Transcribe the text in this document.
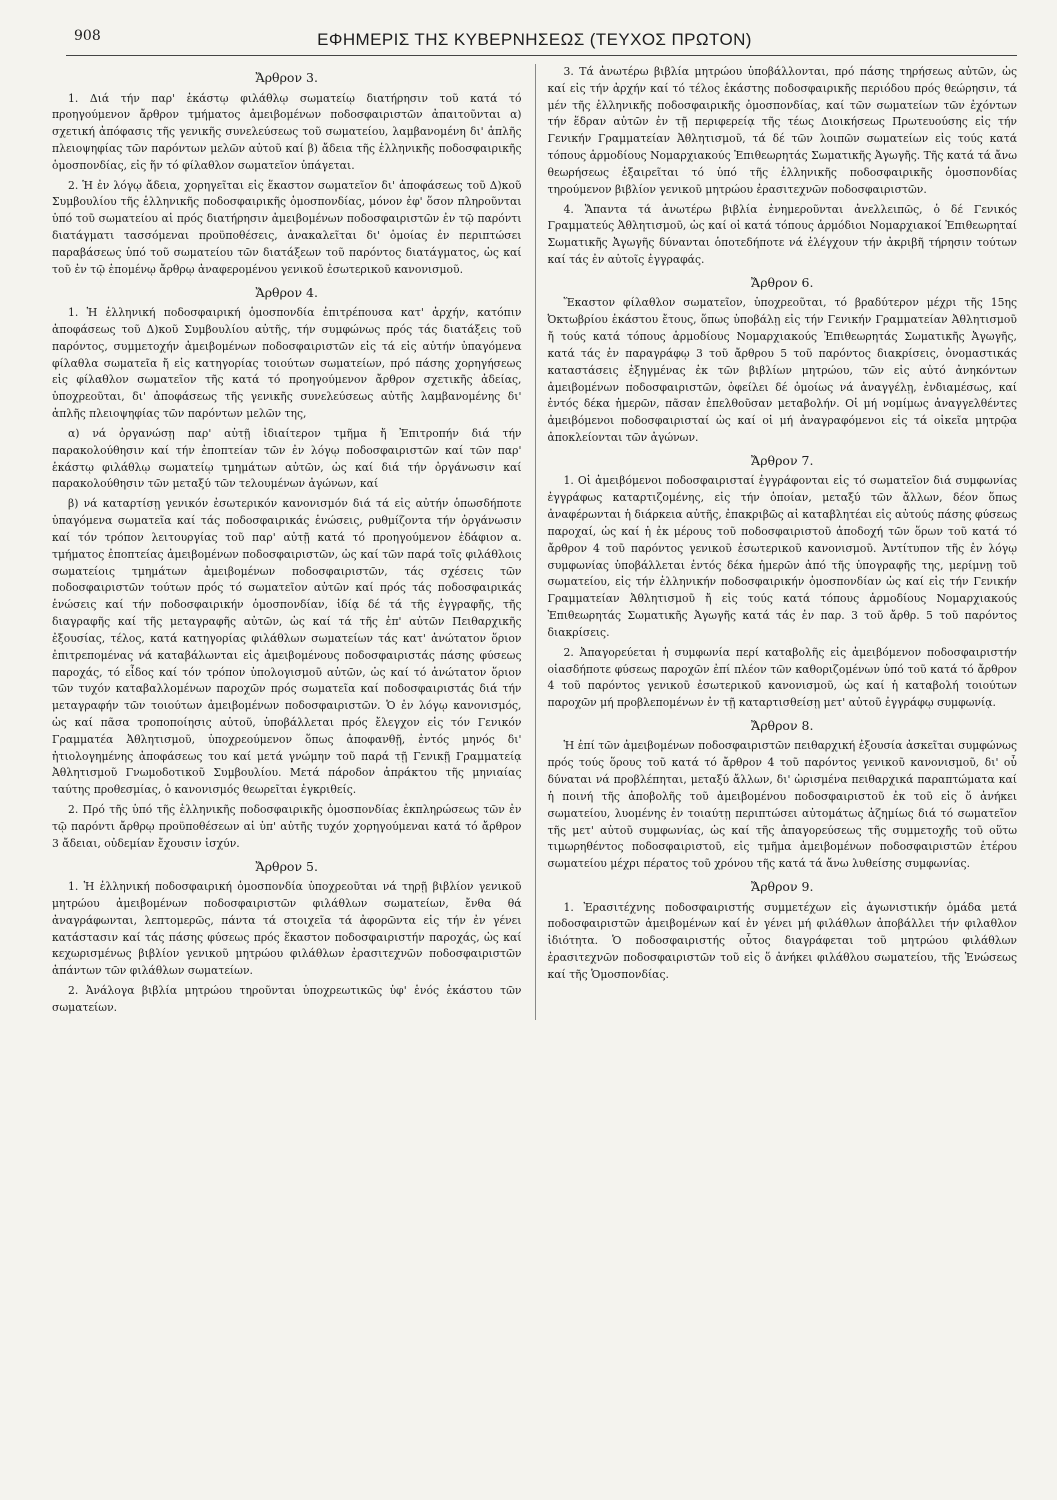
908	ΕΦΗΜΕΡΙΣ ΤΗΣ ΚΥΒΕΡΝΗΣΕΩΣ (ΤΕΥΧΟΣ ΠΡΩΤΟΝ)
Ἄρθρον 3.

1. Διά τήν παρ' ἑκάστῳ φιλάθλῳ σωματείῳ διατήρησιν τοῦ κατά τό προηγούμενον ἄρθρον τμήματος ἀμειβομένων ποδοσφαιριστῶν ἀπαιτοῦνται α) σχετική ἀπόφασις τῆς γενικῆς συνελεύσεως τοῦ σωματείου, λαμβανομένη δι' ἁπλῆς πλειοψηφίας τῶν παρόντων μελῶν αὐτοῦ καί β) ἄδεια τῆς ἑλληνικῆς ποδοσφαιρικῆς ὁμοσπονδίας, εἰς ἥν τό φίλαθλον σωματεῖον ὑπάγεται.

2. Ἡ ἐν λόγῳ ἄδεια, χορηγεῖται εἰς ἕκαστον σωματεῖον δι' ἀποφάσεως τοῦ Δ)κοῦ Συμβουλίου τῆς ἑλληνικῆς ποδοσφαιρικῆς ὁμοσπονδίας, μόνον ἐφ' ὅσον πληροῦνται ὑπό τοῦ σωματείου αἱ πρός διατήρησιν ἀμειβομένων ποδοσφαιριστῶν ἐν τῷ παρόντι διατάγματι τασσόμεναι προϋποθέσεις, ἀνακαλεῖται δι' ὁμοίας ἐν περιπτώσει παραβάσεως ὑπό τοῦ σωματείου τῶν διατάξεων τοῦ παρόντος διατάγματος, ὡς καί τοῦ ἐν τῷ ἑπομένῳ ἄρθρῳ ἀναφερομένου γενικοῦ ἐσωτερικοῦ κανονισμοῦ.

Ἄρθρον 4.

1. Ἡ ἑλληνική ποδοσφαιρική ὁμοσπονδία ἐπιτρέπουσα κατ' ἀρχήν, κατόπιν ἀποφάσεως τοῦ Δ)κοῦ Συμβουλίου αὐτῆς, τήν συμφώνως πρός τάς διατάξεις τοῦ παρόντος, συμμετοχήν ἀμειβομένων ποδοσφαιριστῶν εἰς τά εἰς αὐτήν ὑπαγόμενα φίλαθλα σωματεῖα ἤ εἰς κατηγορίας τοιούτων σωματείων, πρό πάσης χορηγήσεως εἰς φίλαθλον σωματεῖον τῆς κατά τό προηγούμενον ἄρθρον σχετικῆς ἀδείας, ὑποχρεοῦται, δι' ἀποφάσεως τῆς γενικῆς συνελεύσεως αὐτῆς λαμβανομένης δι' ἁπλῆς πλειοψηφίας τῶν παρόντων μελῶν της,

α) νά ὀργανώσῃ παρ' αὐτῇ ἰδιαίτερον τμῆμα ἤ Ἐπιτροπήν διά τήν παρακολούθησιν καί τήν ἐποπτείαν τῶν ἐν λόγῳ ποδοσφαιριστῶν καί τῶν παρ' ἑκάστῳ φιλάθλῳ σωματείῳ τμημάτων αὐτῶν, ὡς καί διά τήν ὀργάνωσιν καί παρακολούθησιν τῶν μεταξύ τῶν τελουμένων ἀγώνων, καί

β) νά καταρτίσῃ γενικόν ἐσωτερικόν κανονισμόν διά τά εἰς αὐτήν ὁπωσδήποτε ὑπαγόμενα σωματεῖα καί τάς ποδοσφαιρικάς ἑνώσεις, ρυθμίζοντα τήν ὀργάνωσιν καί τόν τρόπον λειτουργίας τοῦ παρ' αὐτῇ κατά τό προηγούμενον ἐδάφιον α. τμήματος ἐποπτείας ἀμειβομένων ποδοσφαιριστῶν, ὡς καί τῶν παρά τοῖς φιλάθλοις σωματείοις τμημάτων ἀμειβομένων ποδοσφαιριστῶν, τάς σχέσεις τῶν ποδοσφαιριστῶν τούτων πρός τό σωματεῖον αὐτῶν καί πρός τάς ποδοσφαιρικάς ἑνώσεις καί τήν ποδοσφαιρικήν ὁμοσπονδίαν, ἰδίᾳ δέ τά τῆς ἐγγραφῆς, τῆς διαγραφῆς καί τῆς μεταγραφῆς αὐτῶν, ὡς καί τά τῆς ἐπ' αὐτῶν Πειθαρχικῆς ἐξουσίας, τέλος, κατά κατηγορίας φιλάθλων σωματείων τάς κατ' ἀνώτατον ὅριον ἐπιτρεπομένας νά καταβάλωνται εἰς ἀμειβομένους ποδοσφαιριστάς πάσης φύσεως παροχάς, τό εἶδος καί τόν τρόπον ὑπολογισμοῦ αὐτῶν, ὡς καί τό ἀνώτατον ὅριον τῶν τυχόν καταβαλλομένων παροχῶν πρός σωματεῖα καί ποδοσφαιριστάς διά τήν μεταγραφήν τῶν τοιούτων ἀμειβομένων ποδοσφαιριστῶν. Ὁ ἐν λόγῳ κανονισμός, ὡς καί πᾶσα τροποποίησις αὐτοῦ, ὑποβάλλεται πρός ἔλεγχον εἰς τόν Γενικόν Γραμματέα Ἀθλητισμοῦ, ὑποχρεούμενον ὅπως ἀποφανθῇ, ἐντός μηνός δι' ἠτιολογημένης ἀποφάσεως του καί μετά γνώμην τοῦ παρά τῇ Γενικῇ Γραμματείᾳ Ἀθλητισμοῦ Γνωμοδοτικοῦ Συμβουλίου. Μετά πάροδον ἀπράκτου τῆς μηνιαίας ταύτης προθεσμίας, ὁ κανονισμός θεωρεῖται ἐγκριθείς.

2. Πρό τῆς ὑπό τῆς ἑλληνικῆς ποδοσφαιρικῆς ὁμοσπονδίας ἐκπληρώσεως τῶν ἐν τῷ παρόντι ἄρθρῳ προϋποθέσεων αἱ ὑπ' αὐτῆς τυχόν χορηγούμεναι κατά τό ἄρθρον 3 ἄδειαι, οὐδεμίαν ἔχουσιν ἰσχύν.

Ἄρθρον 5.

1. Ἡ ἑλληνική ποδοσφαιρική ὁμοσπονδία ὑποχρεοῦται νά τηρῇ βιβλίον γενικοῦ μητρώου ἀμειβομένων ποδοσφαιριστῶν φιλάθλων σωματείων, ἔνθα θά ἀναγράφωνται, λεπτομερῶς, πάντα τά στοιχεῖα τά ἀφορῶντα εἰς τήν ἐν γένει κατάστασιν καί τάς πάσης φύσεως πρός ἕκαστον ποδοσφαιριστήν παροχάς, ὡς καί κεχωρισμένως βιβλίον γενικοῦ μητρώου φιλάθλων ἐρασιτεχνῶν ποδοσφαιριστῶν ἁπάντων τῶν φιλάθλων σωματείων.

2. Ἀνάλογα βιβλία μητρώου τηροῦνται ὑποχρεωτικῶς ὑφ' ἑνός ἑκάστου τῶν σωματείων.

3. Τά ἀνωτέρω βιβλία μητρώου ὑποβάλλονται, πρό πάσης τηρήσεως αὐτῶν, ὡς καί εἰς τήν ἀρχήν καί τό τέλος ἑκάστης ποδοσφαιρικῆς περιόδου πρός θεώρησιν, τά μέν τῆς ἑλληνικῆς ποδοσφαιρικῆς ὁμοσπονδίας, καί τῶν σωματείων τῶν ἐχόντων τήν ἕδραν αὐτῶν ἐν τῇ περιφερείᾳ τῆς τέως Διοικήσεως Πρωτευούσης εἰς τήν Γενικήν Γραμματείαν Ἀθλητισμοῦ, τά δέ τῶν λοιπῶν σωματείων εἰς τούς κατά τόπους ἁρμοδίους Νομαρχιακούς Ἐπιθεωρητάς Σωματικῆς Ἀγωγῆς. Τῆς κατά τά ἄνω θεωρήσεως ἐξαιρεῖται τό ὑπό τῆς ἑλληνικῆς ποδοσφαιρικῆς ὁμοσπονδίας τηρούμενον βιβλίον γενικοῦ μητρώου ἐρασιτεχνῶν ποδοσφαιριστῶν.

4. Ἅπαντα τά ἀνωτέρω βιβλία ἐνημεροῦνται ἀνελλειπῶς, ὁ δέ Γενικός Γραμματεύς Ἀθλητισμοῦ, ὡς καί οἱ κατά τόπους ἁρμόδιοι Νομαρχιακοί Ἐπιθεωρηταί Σωματικῆς Ἀγωγῆς δύνανται ὁποτεδήποτε νά ἐλέγχουν τήν ἀκριβῆ τήρησιν τούτων καί τάς ἐν αὐτοῖς ἐγγραφάς.

Ἄρθρον 6.

Ἕκαστον φίλαθλον σωματεῖον, ὑποχρεοῦται, τό βραδύτερον μέχρι τῆς 15ης Ὀκτωβρίου ἑκάστου ἔτους, ὅπως ὑποβάλῃ εἰς τήν Γενικήν Γραμματείαν Ἀθλητισμοῦ ἤ τούς κατά τόπους ἁρμοδίους Νομαρχιακούς Ἐπιθεωρητάς Σωματικῆς Ἀγωγῆς, κατά τάς ἐν παραγράφῳ 3 τοῦ ἄρθρου 5 τοῦ παρόντος διακρίσεις, ὀνομαστικάς καταστάσεις ἐξηγμένας ἐκ τῶν βιβλίων μητρώου, τῶν εἰς αὐτό ἀνηκόντων ἀμειβομένων ποδοσφαιριστῶν, ὀφείλει δέ ὁμοίως νά ἀναγγέλῃ, ἐνδιαμέσως, καί ἐντός δέκα ἡμερῶν, πᾶσαν ἐπελθοῦσαν μεταβολήν. Οἱ μή νομίμως ἀναγγελθέντες ἀμειβόμενοι ποδοσφαιρισταί ὡς καί οἱ μή ἀναγραφόμενοι εἰς τά οἰκεῖα μητρῷα ἀποκλείονται τῶν ἀγώνων.

Ἄρθρον 7.

1. Οἱ ἀμειβόμενοι ποδοσφαιρισταί ἐγγράφονται εἰς τό σωματεῖον διά συμφωνίας ἐγγράφως καταρτιζομένης, εἰς τήν ὁποίαν, μεταξύ τῶν ἄλλων, δέον ὅπως ἀναφέρωνται ἡ διάρκεια αὐτῆς, ἐπακριβῶς αἱ καταβλητέαι εἰς αὐτούς πάσης φύσεως παροχαί, ὡς καί ἡ ἐκ μέρους τοῦ ποδοσφαιριστοῦ ἀποδοχή τῶν ὅρων τοῦ κατά τό ἄρθρον 4 τοῦ παρόντος γενικοῦ ἐσωτερικοῦ κανονισμοῦ. Ἀντίτυπον τῆς ἐν λόγῳ συμφωνίας ὑποβάλλεται ἐντός δέκα ἡμερῶν ἀπό τῆς ὑπογραφῆς της, μερίμνῃ τοῦ σωματείου, εἰς τήν ἑλληνικήν ποδοσφαιρικήν ὁμοσπονδίαν ὡς καί εἰς τήν Γενικήν Γραμματείαν Ἀθλητισμοῦ ἤ εἰς τούς κατά τόπους ἁρμοδίους Νομαρχιακούς Ἐπιθεωρητάς Σωματικῆς Ἀγωγῆς κατά τάς ἐν παρ. 3 τοῦ ἄρθρ. 5 τοῦ παρόντος διακρίσεις.

2. Ἀπαγορεύεται ἡ συμφωνία περί καταβολῆς εἰς ἀμειβόμενον ποδοσφαιριστήν οἱασδήποτε φύσεως παροχῶν ἐπί πλέον τῶν καθοριζομένων ὑπό τοῦ κατά τό ἄρθρον 4 τοῦ παρόντος γενικοῦ ἐσωτερικοῦ κανονισμοῦ, ὡς καί ἡ καταβολή τοιούτων παροχῶν μή προβλεπομένων ἐν τῇ καταρτισθείσῃ μετ' αὐτοῦ ἐγγράφῳ συμφωνίᾳ.

Ἄρθρον 8.

Ἡ ἐπί τῶν ἀμειβομένων ποδοσφαιριστῶν πειθαρχική ἐξουσία ἀσκεῖται συμφώνως πρός τούς ὅρους τοῦ κατά τό ἄρθρον 4 τοῦ παρόντος γενικοῦ κανονισμοῦ, δι' οὗ δύναται νά προβλέπηται, μεταξύ ἄλλων, δι' ὡρισμένα πειθαρχικά παραπτώματα καί ἡ ποινή τῆς ἀποβολῆς τοῦ ἀμειβομένου ποδοσφαιριστοῦ ἐκ τοῦ εἰς ὅ ἀνήκει σωματείου, λυομένης ἐν τοιαύτῃ περιπτώσει αὐτομάτως ἀζημίως διά τό σωματεῖον τῆς μετ' αὐτοῦ συμφωνίας, ὡς καί τῆς ἀπαγορεύσεως τῆς συμμετοχῆς τοῦ οὕτω τιμωρηθέντος ποδοσφαιριστοῦ, εἰς τμῆμα ἀμειβομένων ποδοσφαιριστῶν ἑτέρου σωματείου μέχρι πέρατος τοῦ χρόνου τῆς κατά τά ἄνω λυθείσης συμφωνίας.

Ἄρθρον 9.

1. Ἐρασιτέχνης ποδοσφαιριστής συμμετέχων εἰς ἀγωνιστικήν ὁμάδα μετά ποδοσφαιριστῶν ἀμειβομένων καί ἐν γένει μή φιλάθλων ἀποβάλλει τήν φιλαθλον ἰδιότητα. Ὁ ποδοσφαιριστής οὗτος διαγράφεται τοῦ μητρώου φιλάθλων ἐρασιτεχνῶν ποδοσφαιριστῶν τοῦ εἰς ὅ ἀνήκει φιλάθλου σωματείου, τῆς Ἑνώσεως καί τῆς Ὁμοσπονδίας.
